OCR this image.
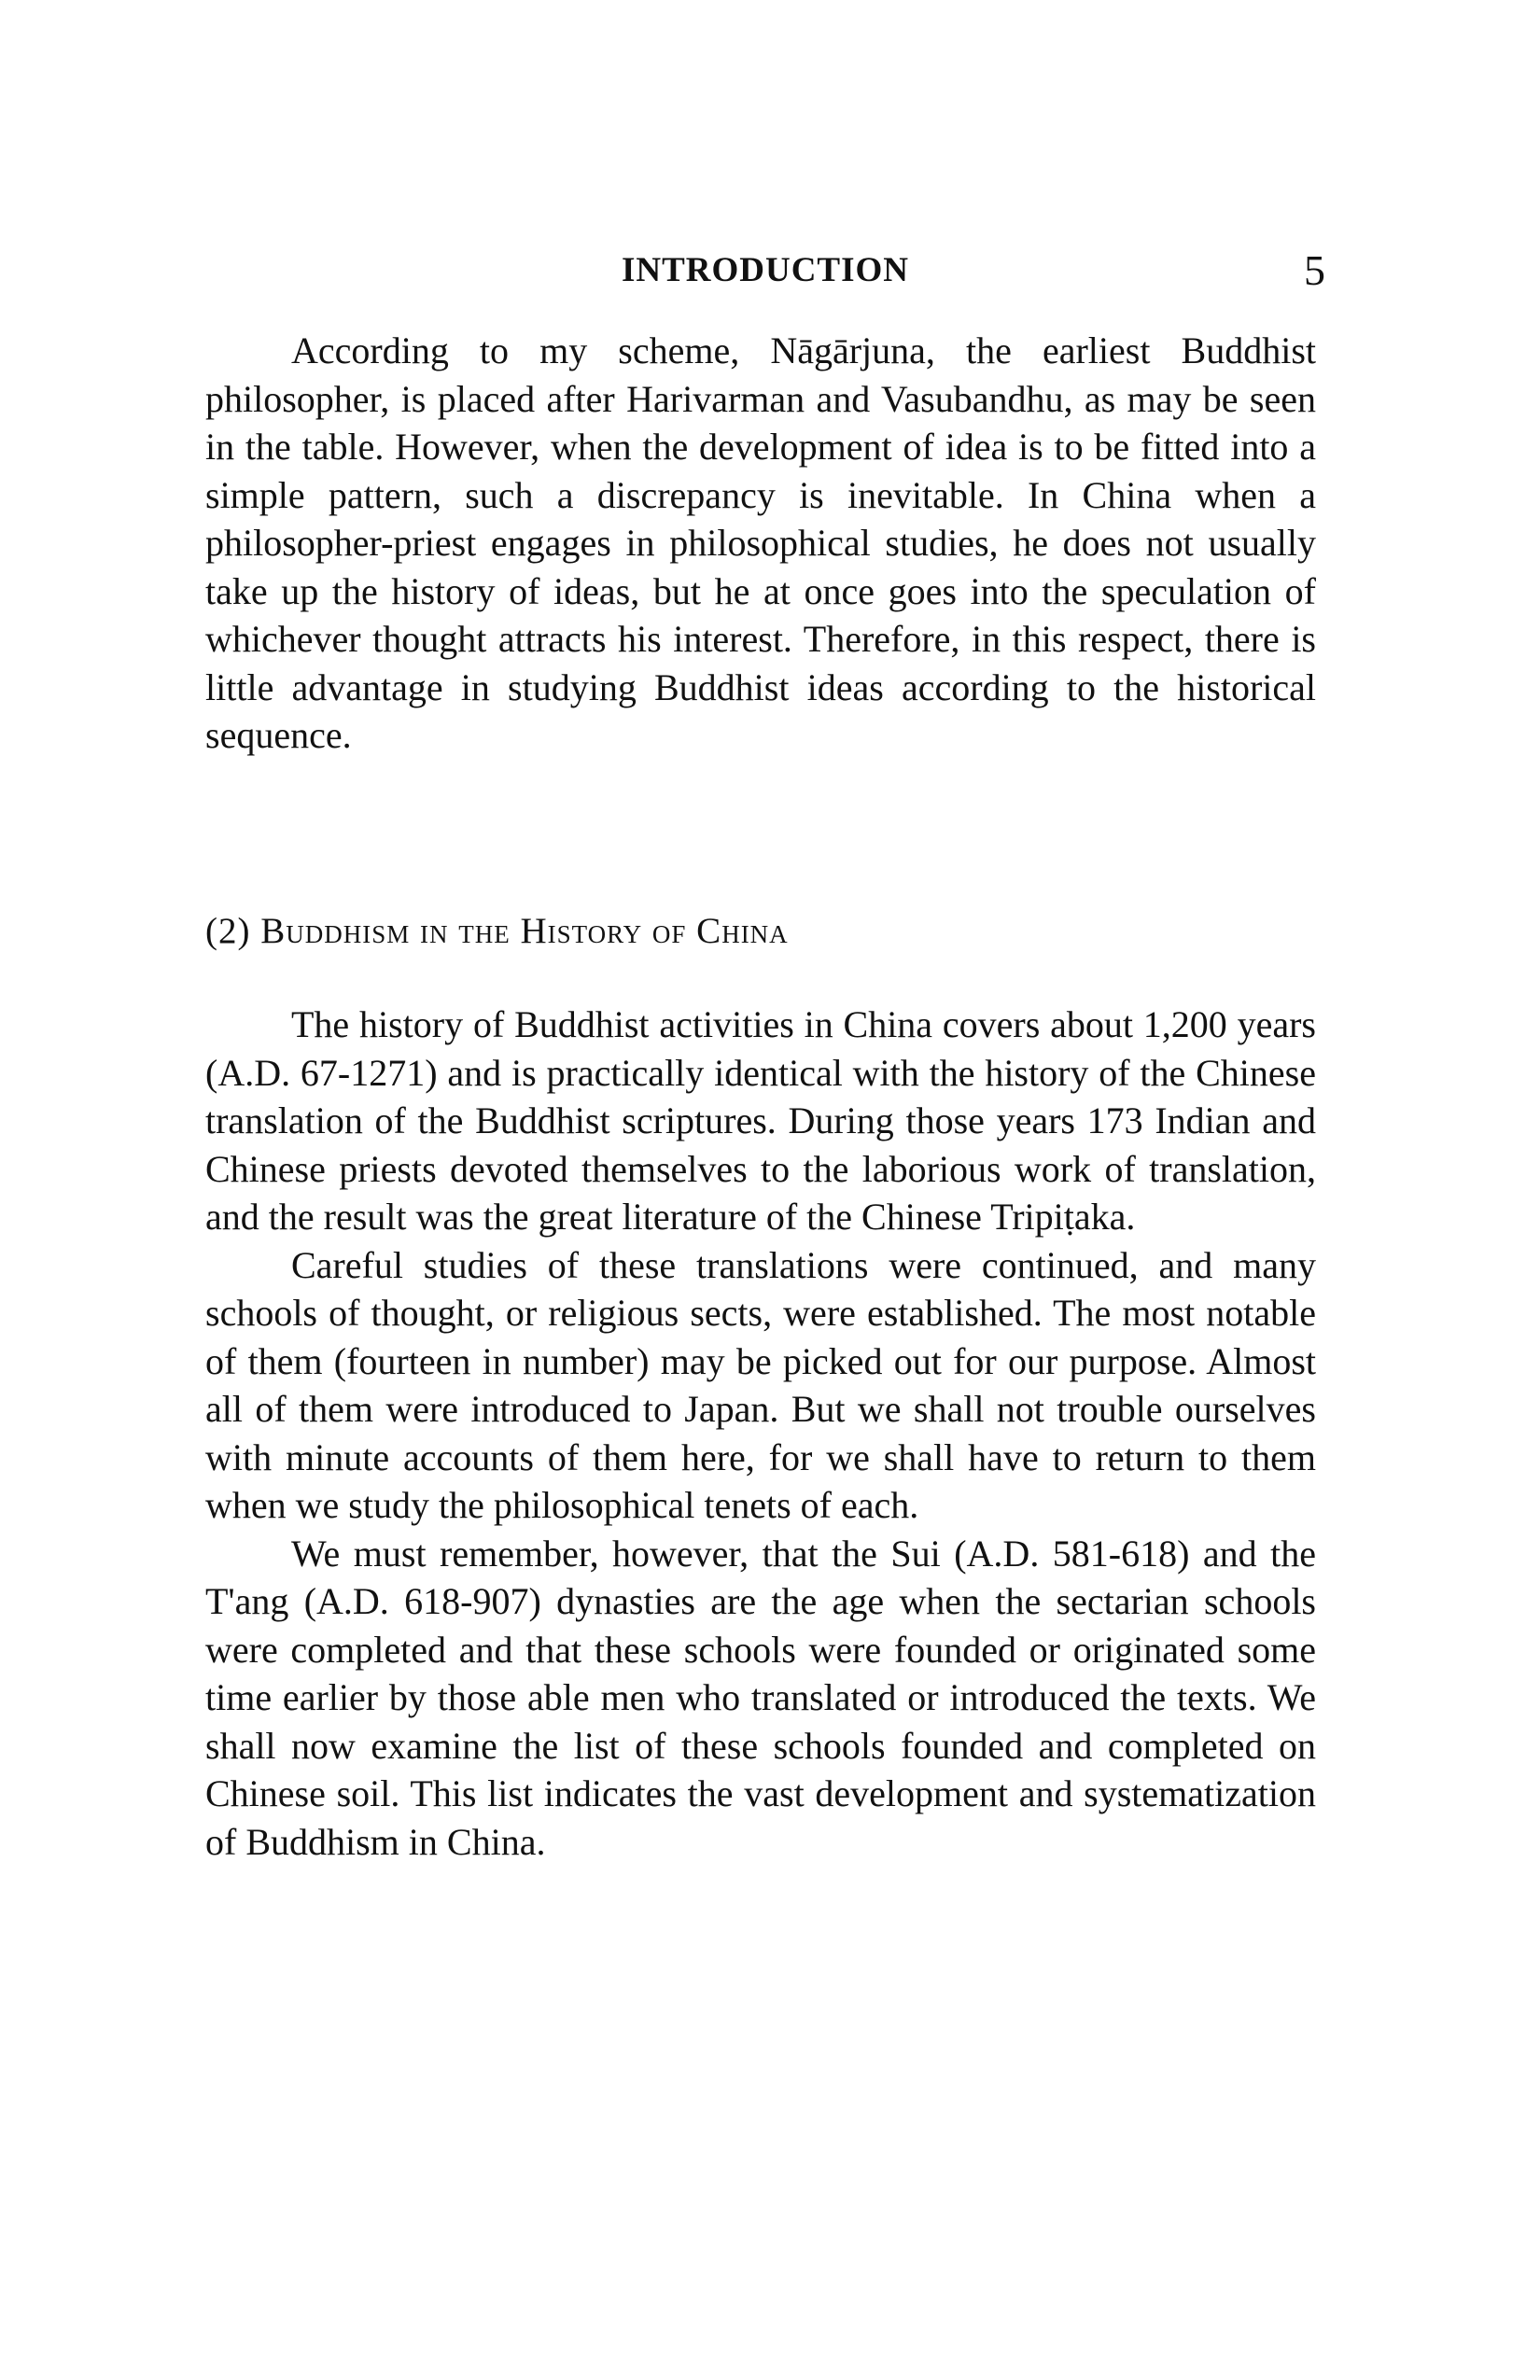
INTRODUCTION	5

According to my scheme, Nāgārjuna, the earliest Buddhist philosopher, is placed after Harivarman and Vasubandhu, as may be seen in the table. However, when the development of idea is to be fitted into a simple pattern, such a discrepancy is inevitable. In China when a philosopher-priest engages in philosophical studies, he does not usually take up the history of ideas, but he at once goes into the speculation of whichever thought attracts his interest. Therefore, in this respect, there is little advantage in studying Buddhist ideas according to the historical sequence.

(2) Buddhism in the History of China

The history of Buddhist activities in China covers about 1,200 years (A.D. 67-1271) and is practically identical with the history of the Chinese translation of the Buddhist scriptures. During those years 173 Indian and Chinese priests devoted themselves to the laborious work of translation, and the result was the great literature of the Chinese Tripiṭaka.

Careful studies of these translations were continued, and many schools of thought, or religious sects, were established. The most notable of them (fourteen in number) may be picked out for our purpose. Almost all of them were introduced to Japan. But we shall not trouble ourselves with minute accounts of them here, for we shall have to return to them when we study the philosophical tenets of each.

We must remember, however, that the Sui (A.D. 581-618) and the T'ang (A.D. 618-907) dynasties are the age when the sectarian schools were completed and that these schools were founded or originated some time earlier by those able men who translated or introduced the texts. We shall now examine the list of these schools founded and completed on Chinese soil. This list indicates the vast development and systematization of Buddhism in China.
